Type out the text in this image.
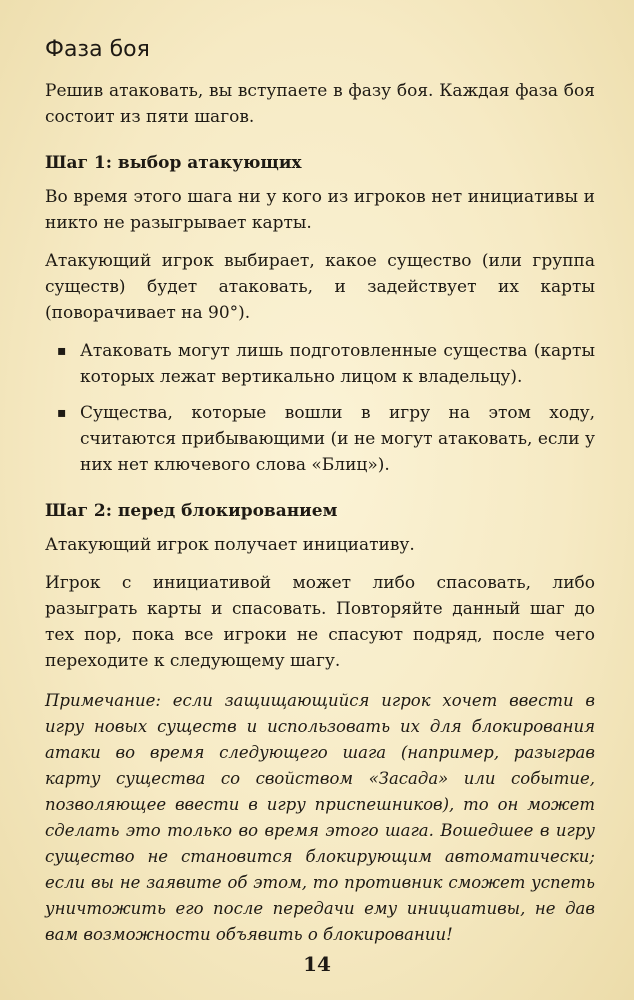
Фаза боя

Решив атаковать, вы вступаете в фазу боя. Каждая фаза боя состоит из пяти шагов.

Шаг 1: выбор атакующих

Во время этого шага ни у кого из игроков нет инициативы и никто не разыгрывает карты.

Атакующий игрок выбирает, какое существо (или группа существ) будет атаковать, и задействует их карты (поворачивает на 90°).

▪ Атаковать могут лишь подготовленные существа (карты которых лежат вертикально лицом к владельцу).
▪ Существа, которые вошли в игру на этом ходу, считаются прибывающими (и не могут атаковать, если у них нет ключевого слова «Блиц»).
Шаг 2: перед блокированием

Атакующий игрок получает инициативу.

Игрок с инициативой может либо спасовать, либо разыграть карты и спасовать. Повторяйте данный шаг до тех пор, пока все игроки не спасуют подряд, после чего переходите к следующему шагу.

Примечание: если защищающийся игрок хочет ввести в игру новых существ и использовать их для блокирования атаки во время следующего шага (например, разыграв карту существа со свойством «Засада» или событие, позволяющее ввести в игру приспешников), то он может сделать это только во время этого шага. Вошедшее в игру существо не становится блокирующим автоматически; если вы не заявите об этом, то противник сможет успеть уничтожить его после передачи ему инициативы, не дав вам возможности объявить о блокировании!

14
